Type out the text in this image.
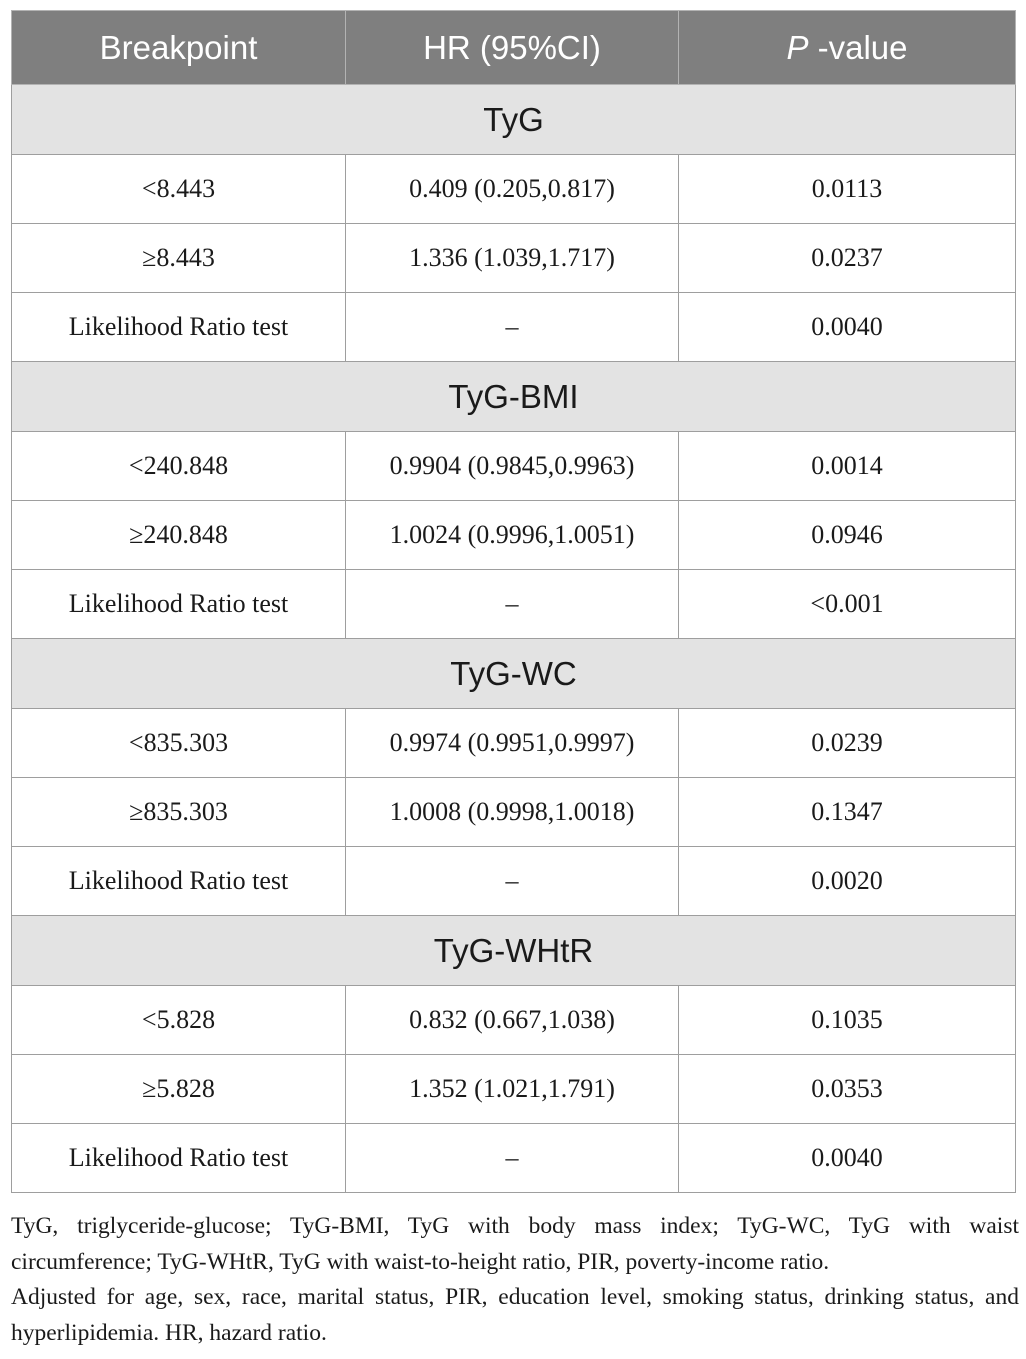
Breakpoint	HR (95%CI)	P -value
TyG		
<8.443	0.409 (0.205,0.817)	0.0113
≥8.443	1.336 (1.039,1.717)	0.0237
Likelihood Ratio test	–	0.0040
TyG-BMI		
<240.848	0.9904 (0.9845,0.9963)	0.0014
≥240.848	1.0024 (0.9996,1.0051)	0.0946
Likelihood Ratio test	–	<0.001
TyG-WC		
<835.303	0.9974 (0.9951,0.9997)	0.0239
≥835.303	1.0008 (0.9998,1.0018)	0.1347
Likelihood Ratio test	–	0.0020
TyG-WHtR		
<5.828	0.832 (0.667,1.038)	0.1035
≥5.828	1.352 (1.021,1.791)	0.0353
Likelihood Ratio test	–	0.0040

TyG, triglyceride-glucose; TyG-BMI, TyG with body mass index; TyG-WC, TyG with waist circumference; TyG-WHtR, TyG with waist-to-height ratio, PIR, poverty-income ratio.

Adjusted for age, sex, race, marital status, PIR, education level, smoking status, drinking status, and hyperlipidemia. HR, hazard ratio.
